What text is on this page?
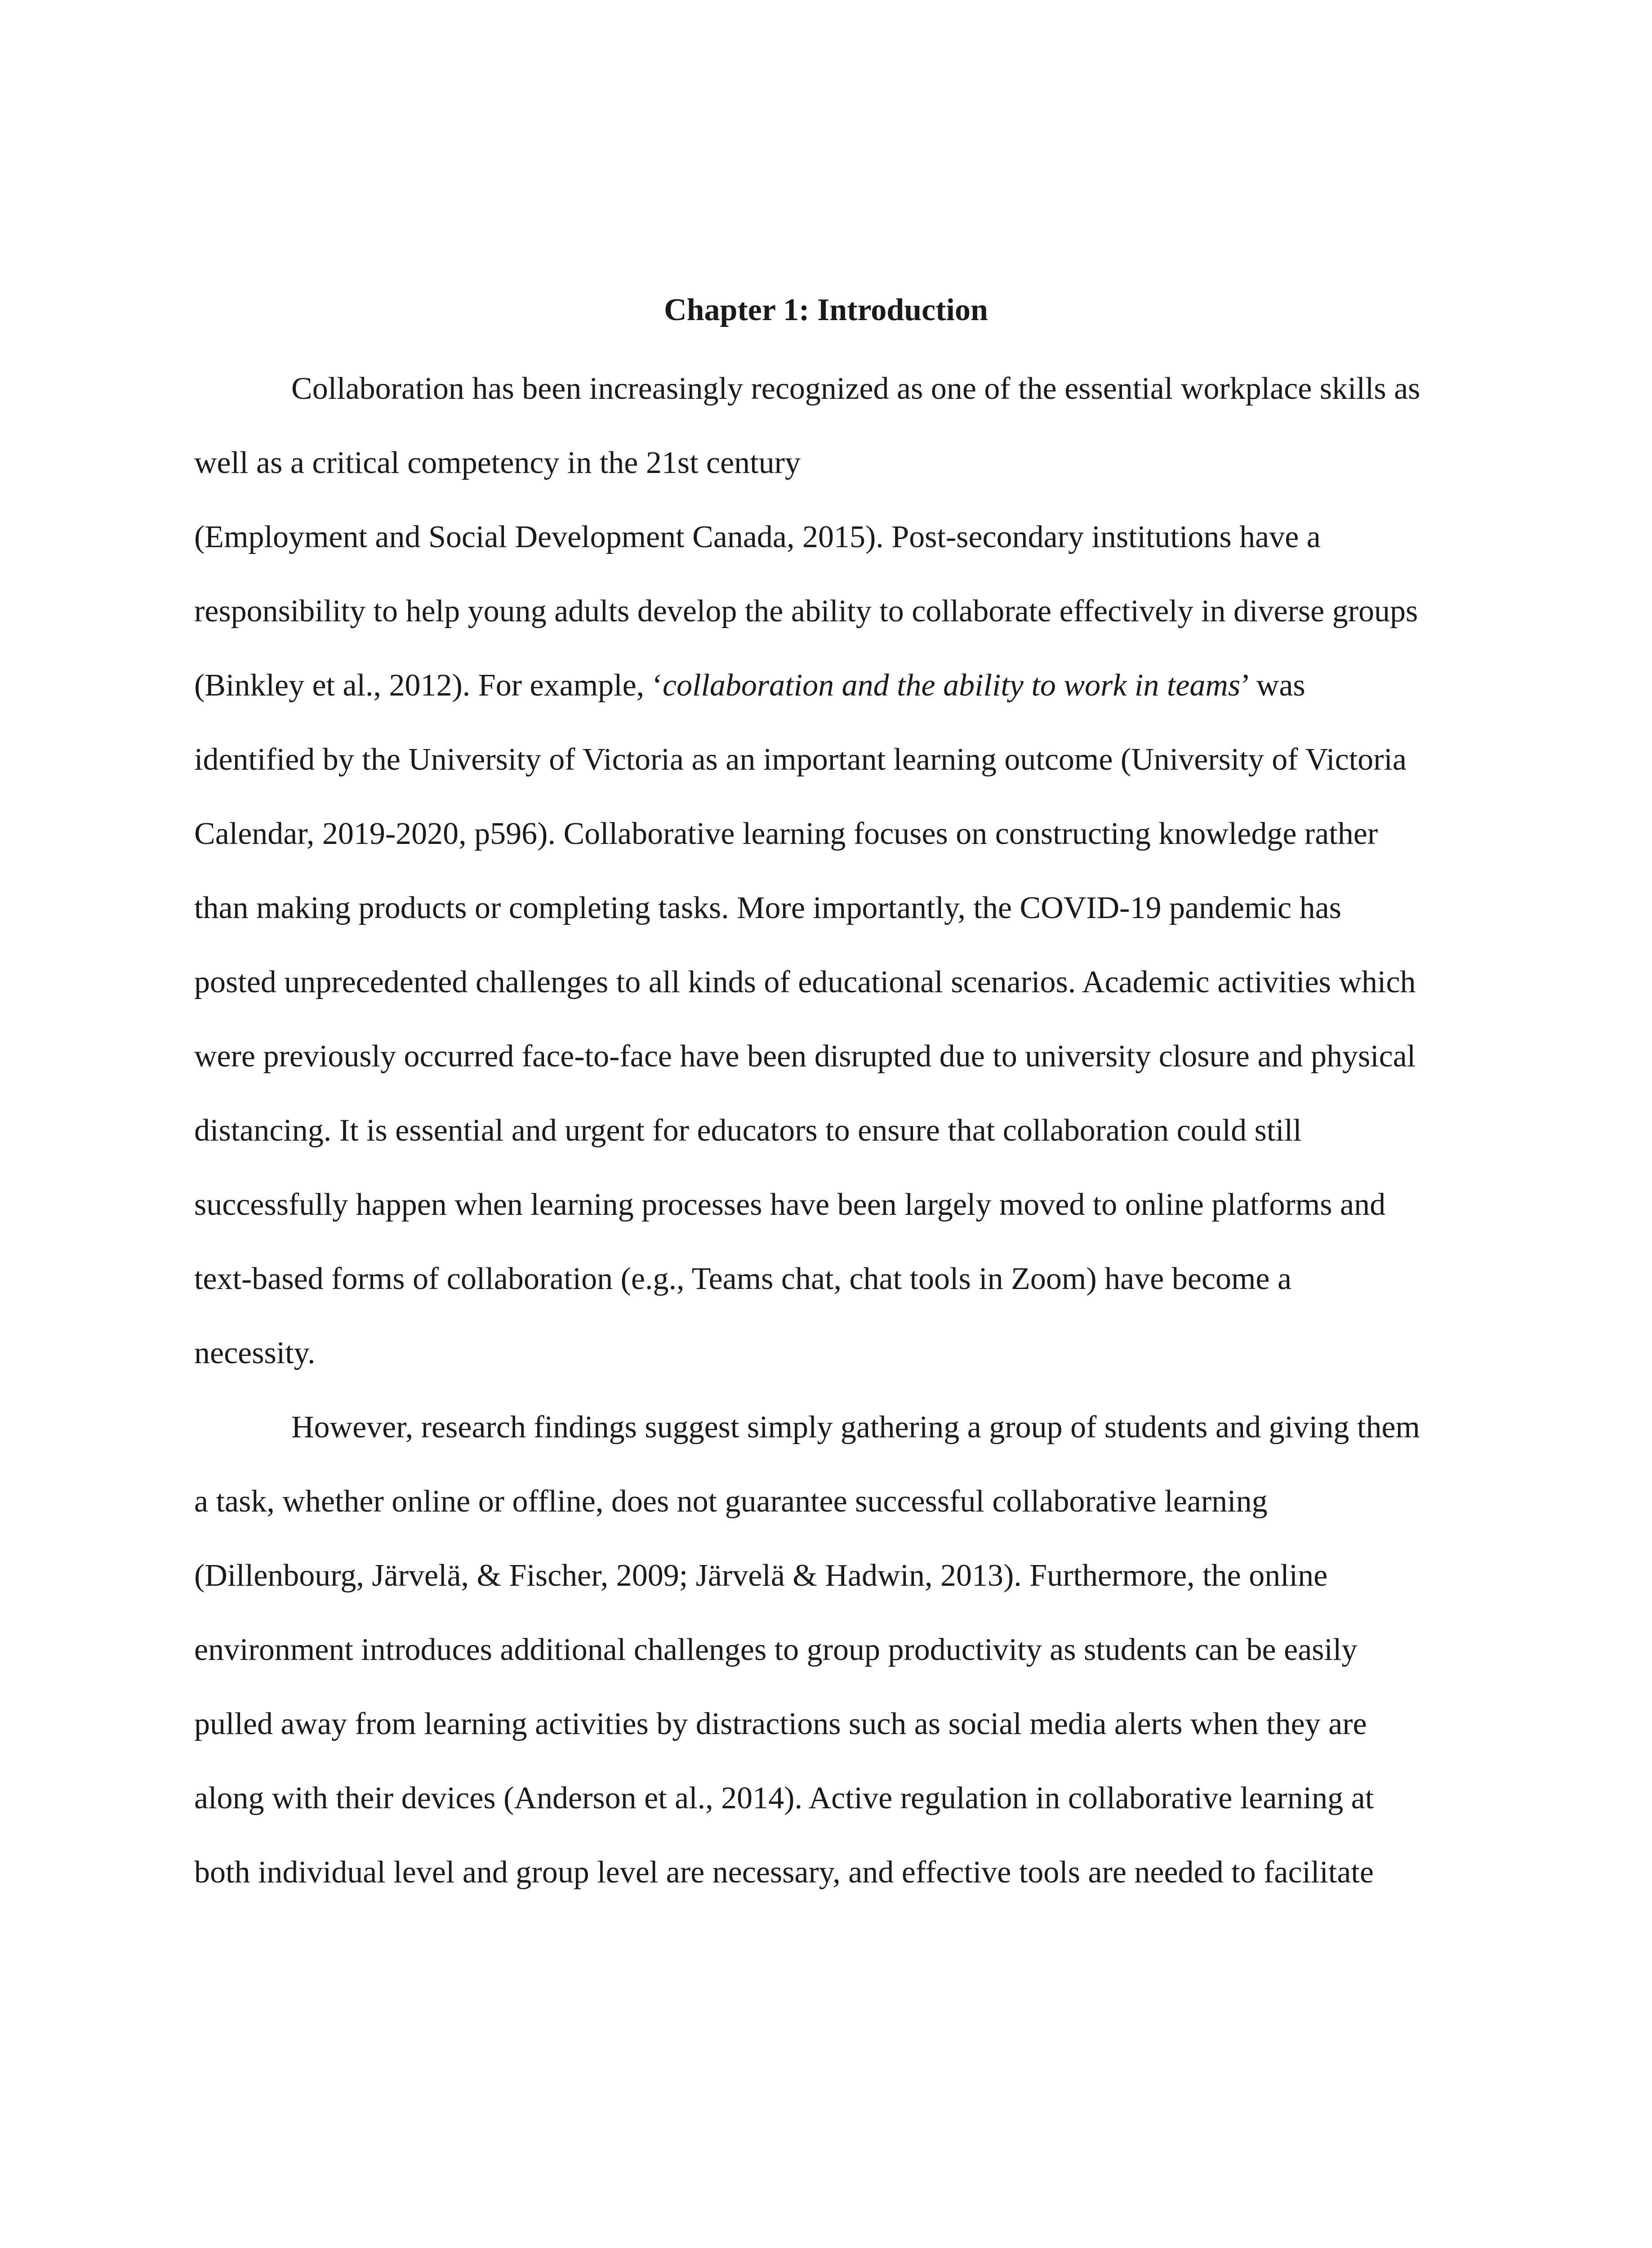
Chapter 1: Introduction

Collaboration has been increasingly recognized as one of the essential workplace skills as

well as a critical competency in the 21st century

(Employment and Social Development Canada, 2015). Post-secondary institutions have a

responsibility to help young adults develop the ability to collaborate effectively in diverse groups

(Binkley et al., 2012). For example, ‘collaboration and the ability to work in teams’ was

identified by the University of Victoria as an important learning outcome (University of Victoria

Calendar, 2019-2020, p596). Collaborative learning focuses on constructing knowledge rather

than making products or completing tasks. More importantly, the COVID-19 pandemic has

posted unprecedented challenges to all kinds of educational scenarios. Academic activities which

were previously occurred face-to-face have been disrupted due to university closure and physical

distancing. It is essential and urgent for educators to ensure that collaboration could still

successfully happen when learning processes have been largely moved to online platforms and

text-based forms of collaboration (e.g., Teams chat, chat tools in Zoom) have become a

necessity.

However, research findings suggest simply gathering a group of students and giving them

a task, whether online or offline, does not guarantee successful collaborative learning

(Dillenbourg, Järvelä, & Fischer, 2009; Järvelä & Hadwin, 2013). Furthermore, the online

environment introduces additional challenges to group productivity as students can be easily

pulled away from learning activities by distractions such as social media alerts when they are

along with their devices (Anderson et al., 2014). Active regulation in collaborative learning at

both individual level and group level are necessary, and effective tools are needed to facilitate
